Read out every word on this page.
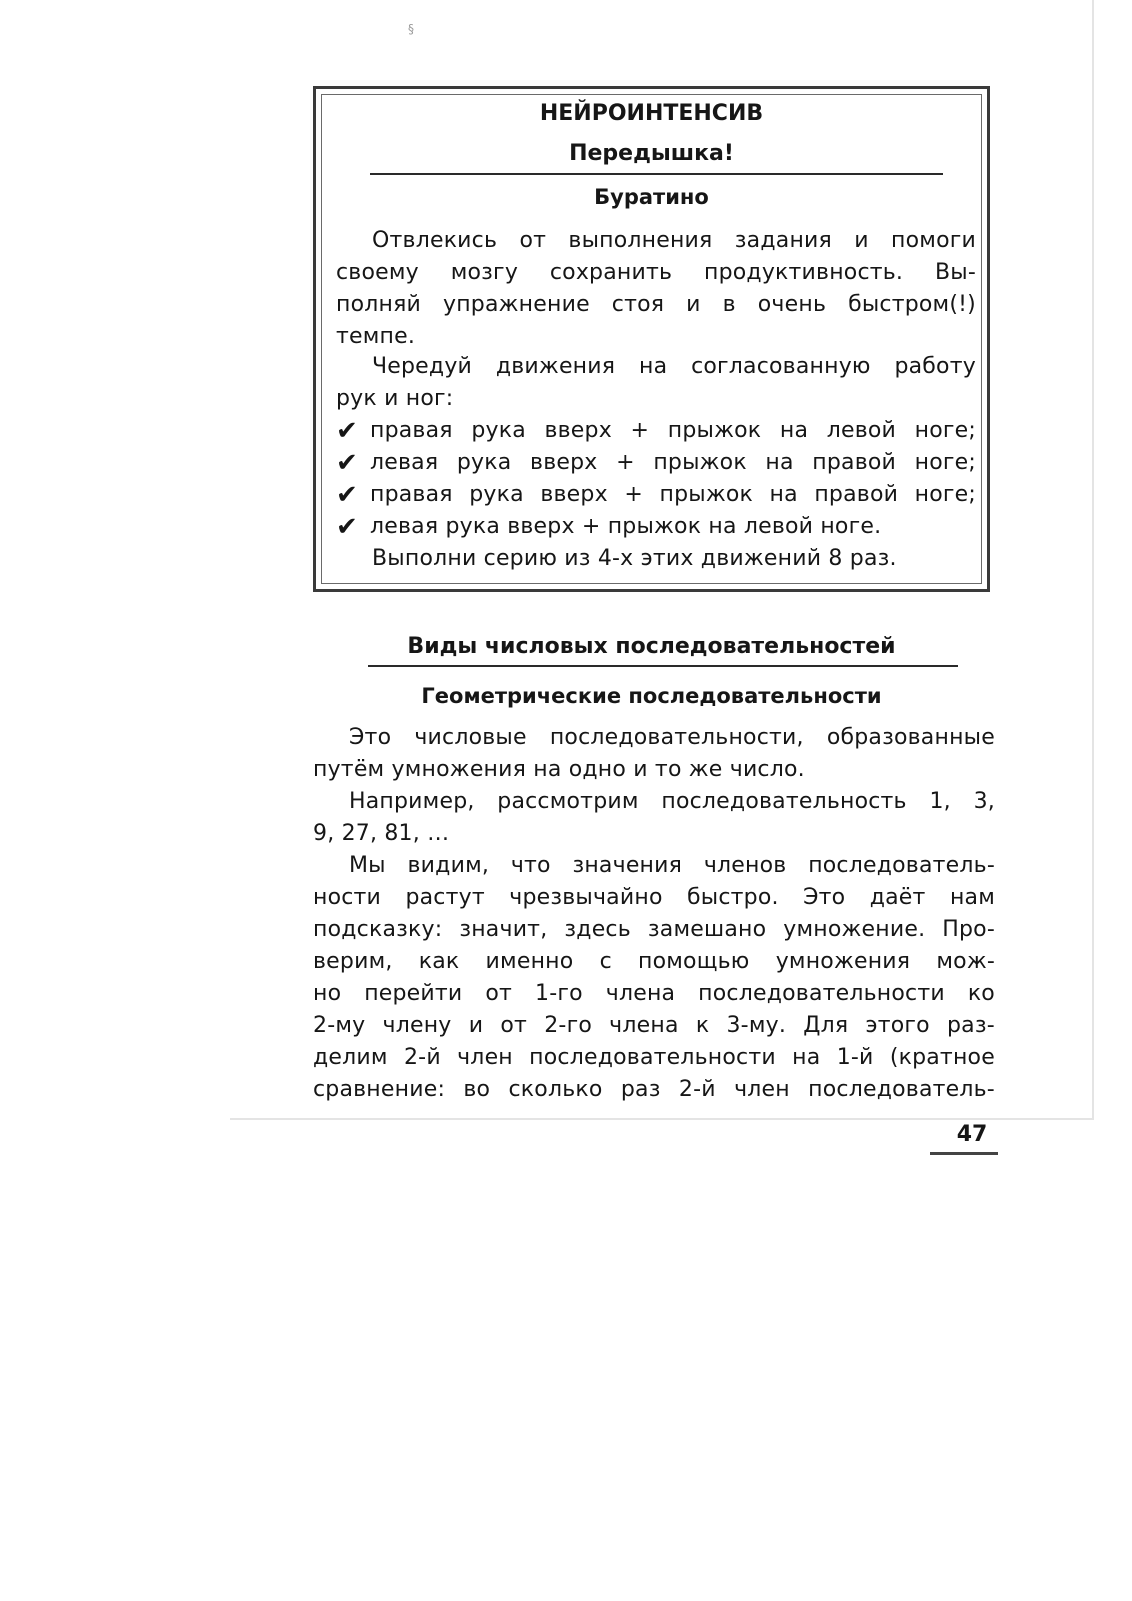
§

НЕЙРОИНТЕНСИВ

Передышка!

Буратино

Отвлекись от выполнения задания и помоги
своему мозгу сохранить продуктивность. Вы-
полняй упражнение стоя и в очень быстром(!)
темпе.
Чередуй движения на согласованную работу
рук и ног:
✔ правая рука вверх + прыжок на левой ноге;
✔ левая рука вверх + прыжок на правой ноге;
✔ правая рука вверх + прыжок на правой ноге;
✔ левая рука вверх + прыжок на левой ноге.
Выполни серию из 4-х этих движений 8 раз.

Виды числовых последовательностей

Геометрические последовательности

Это числовые последовательности, образованные
путём умножения на одно и то же число.
Например, рассмотрим последовательность 1, 3,
9, 27, 81, …
Мы видим, что значения членов последователь-
ности растут чрезвычайно быстро. Это даёт нам
подсказку: значит, здесь замешано умножение. Про-
верим, как именно с помощью умножения мож-
но перейти от 1-го члена последовательности ко
2-му члену и от 2-го члена к 3-му. Для этого раз-
делим 2-й член последовательности на 1-й (кратное
сравнение: во сколько раз 2-й член последователь-
47
